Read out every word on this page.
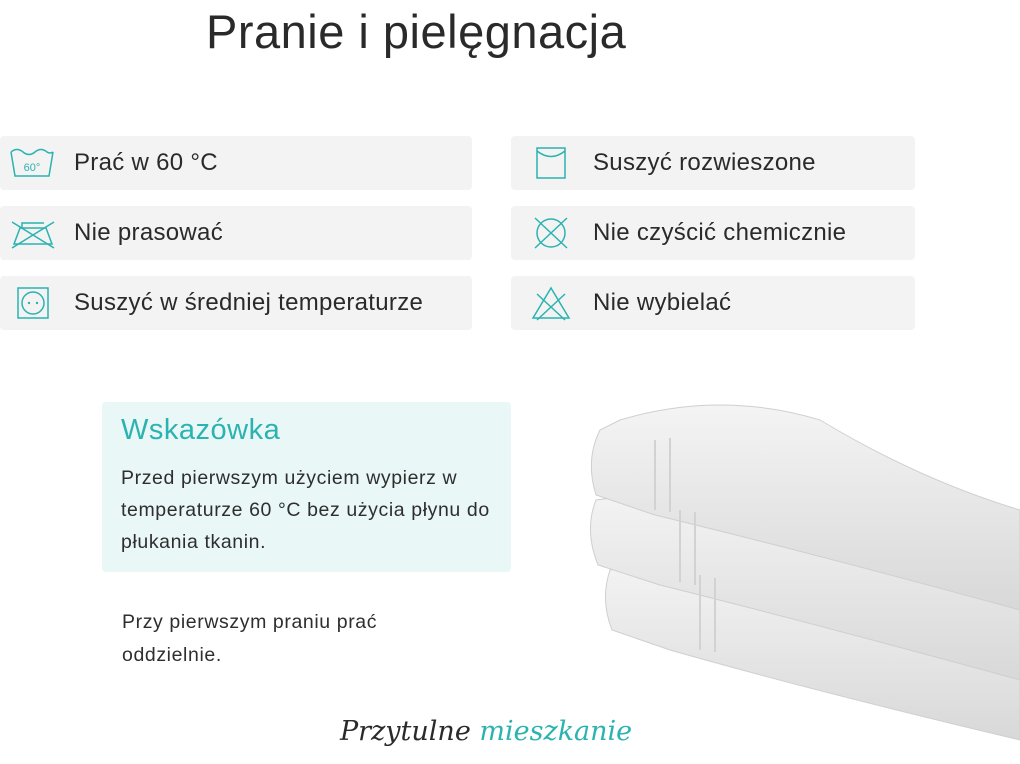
Pranie i pielęgnacja
60° Prać w 60 °C	Suszyć rozwieszone
Nie prasować	Nie czyścić chemicznie
Suszyć w średniej temperaturze	Nie wybielać
Wskazówka
Przed pierwszym użyciem wypierz w temperaturze 60 °C bez użycia płynu do płukania tkanin.
Przy pierwszym praniu prać oddzielnie.
Przytulne mieszkanie
